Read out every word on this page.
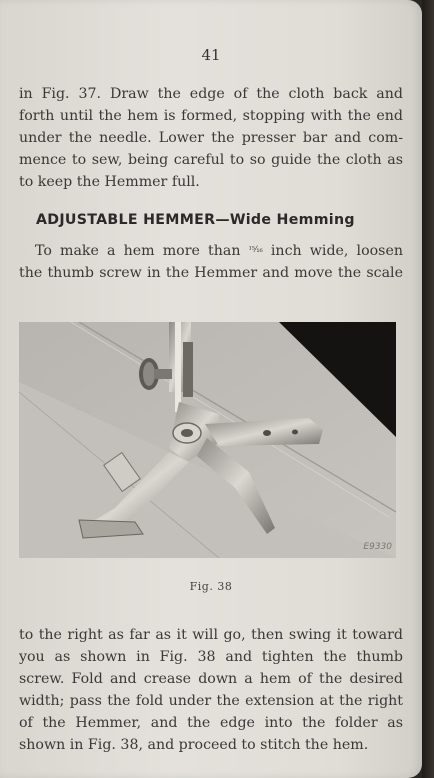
41

in Fig. 37. Draw the edge of the cloth back and
forth until the hem is formed, stopping with the end
under the needle. Lower the presser bar and com-
mence to sew, being careful to so guide the cloth as
to keep the Hemmer full.

ADJUSTABLE HEMMER—Wide Hemming

To make a hem more than ¹⁵⁄₁₆ inch wide, loosen
the thumb screw in the Hemmer and move the scale

E9330
Fig. 38

to the right as far as it will go, then swing it toward
you as shown in Fig. 38 and tighten the thumb
screw. Fold and crease down a hem of the desired
width; pass the fold under the extension at the right
of the Hemmer, and the edge into the folder as
shown in Fig. 38, and proceed to stitch the hem.
